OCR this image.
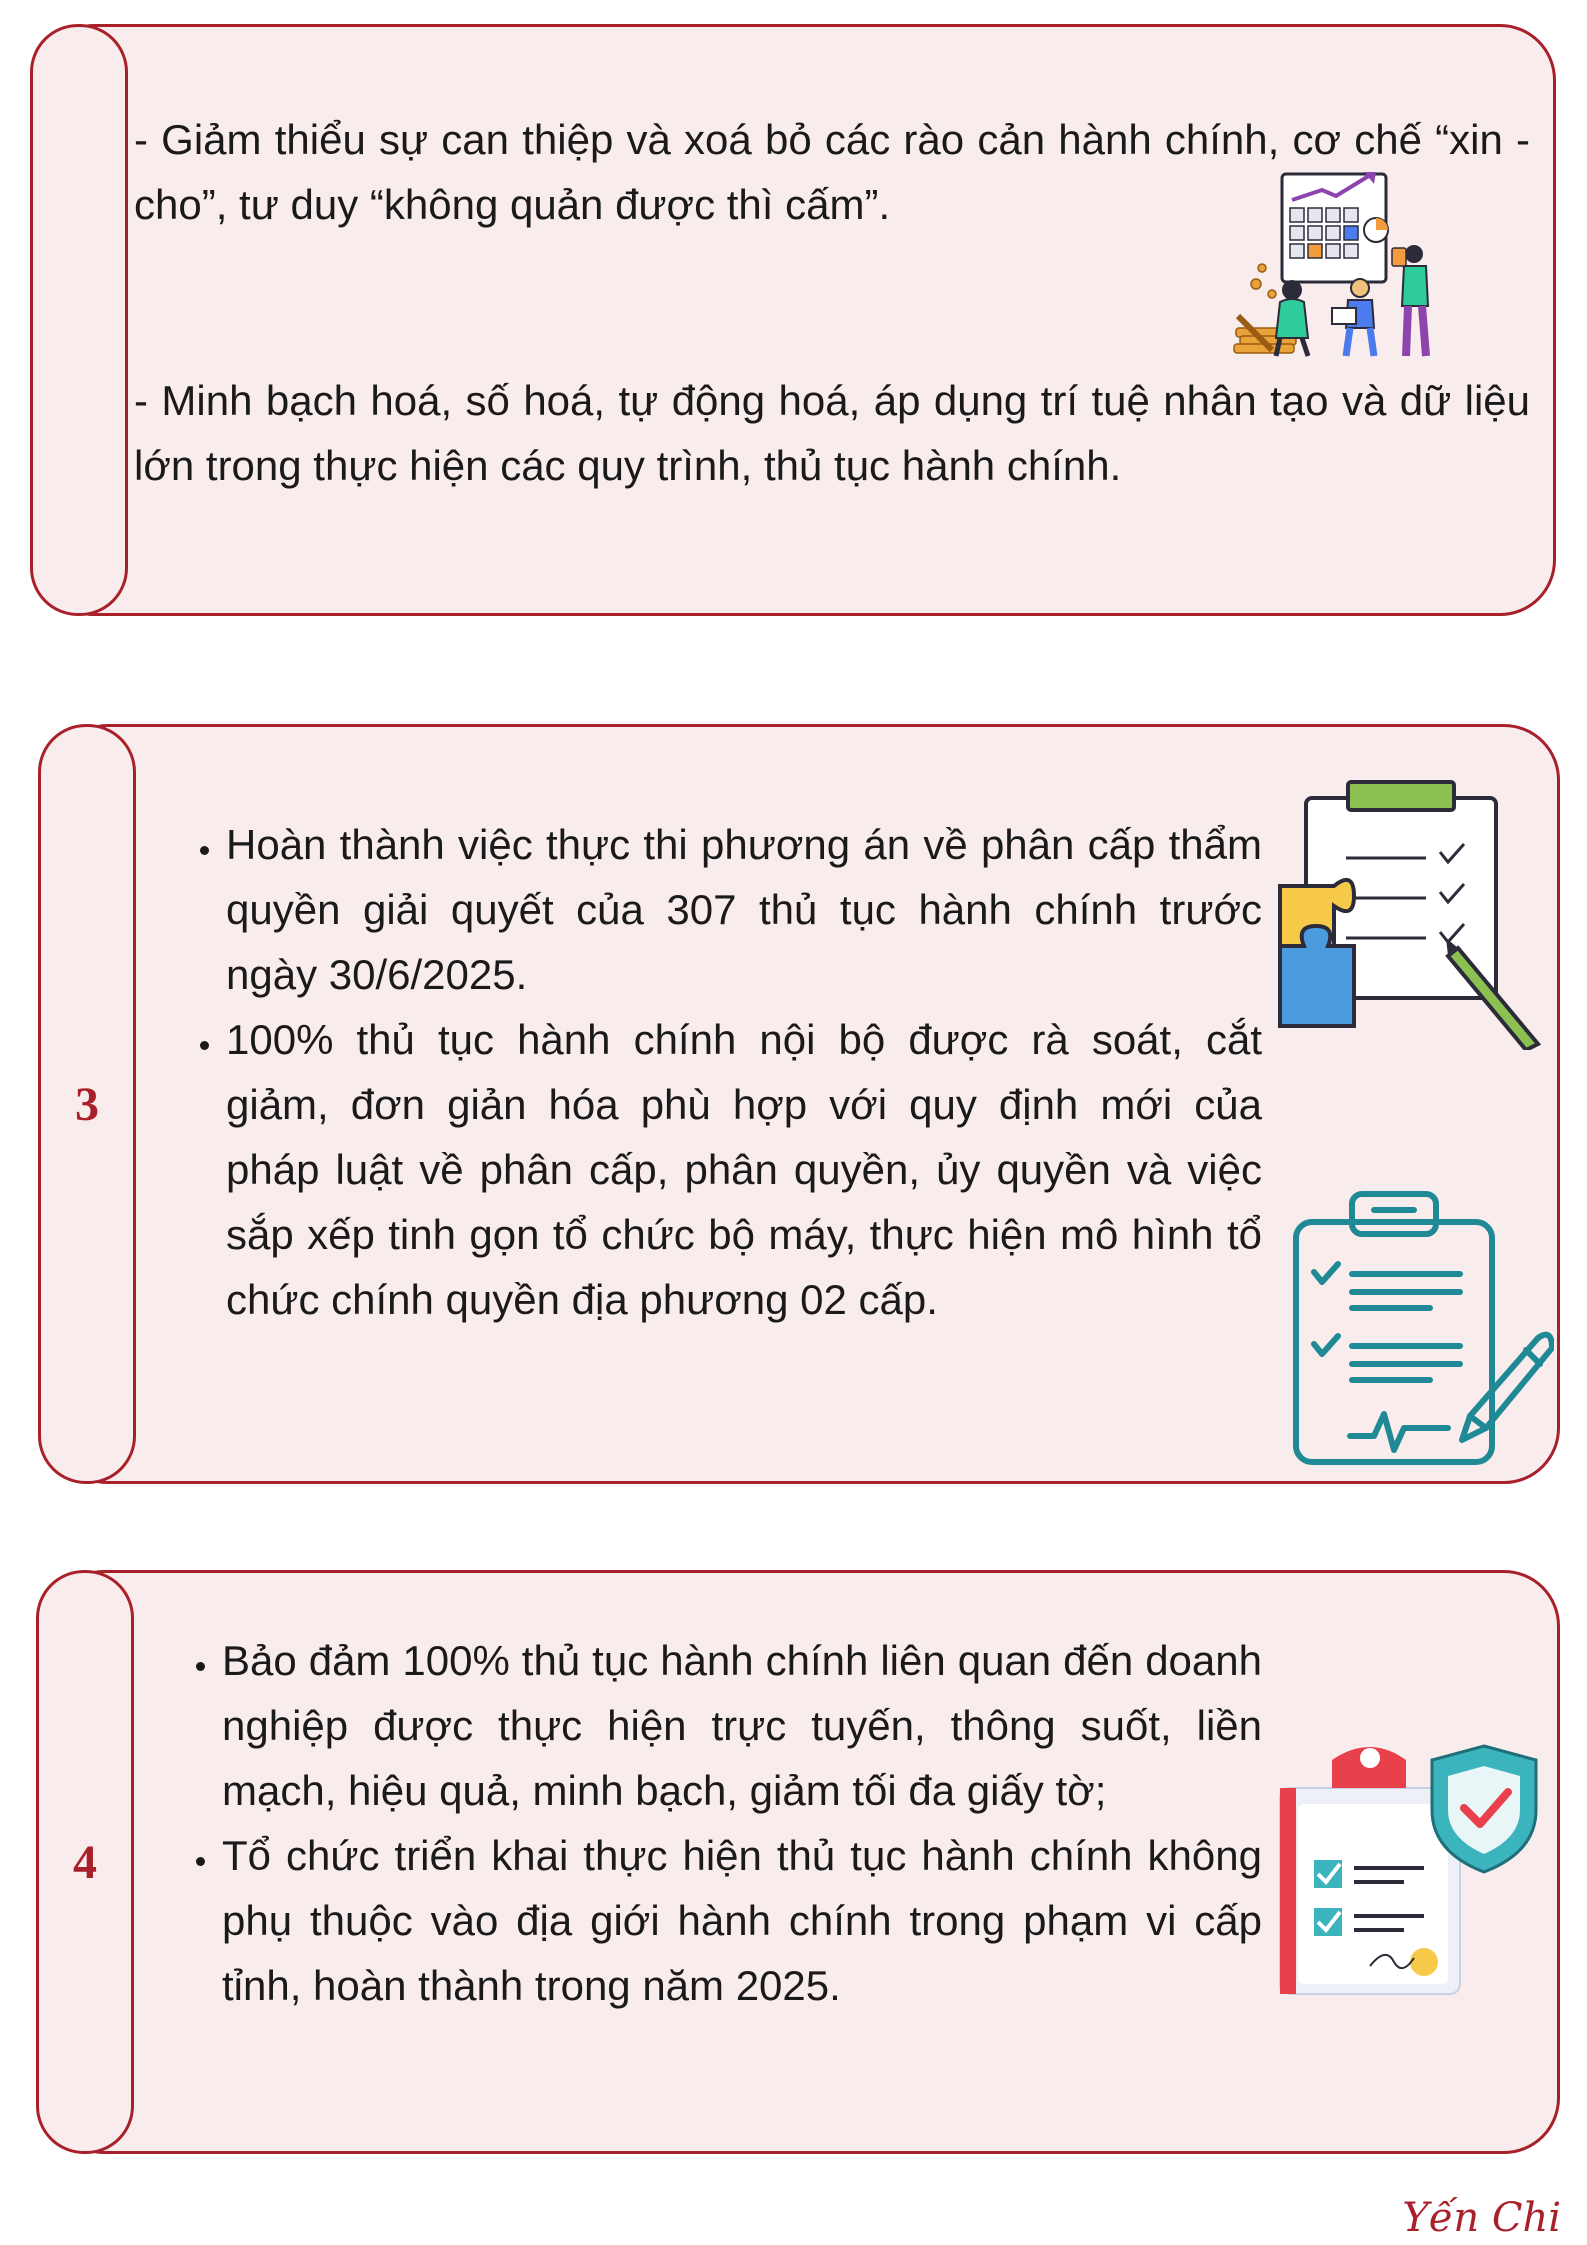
- Giảm thiểu sự can thiệp và xoá bỏ các rào cản hành chính, cơ chế “xin - cho”, tư duy “không quản được thì cấm”.

- Minh bạch hoá, số hoá, tự động hoá, áp dụng trí tuệ nhân tạo và dữ liệu lớn trong thực hiện các quy trình, thủ tục hành chính.

3
• Hoàn thành việc thực thi phương án về phân cấp thẩm quyền giải quyết của 307 thủ tục hành chính trước ngày 30/6/2025.
• 100% thủ tục hành chính nội bộ được rà soát, cắt giảm, đơn giản hóa phù hợp với quy định mới của pháp luật về phân cấp, phân quyền, ủy quyền và việc sắp xếp tinh gọn tổ chức bộ máy, thực hiện mô hình tổ chức chính quyền địa phương 02 cấp.
4
• Bảo đảm 100% thủ tục hành chính liên quan đến doanh nghiệp được thực hiện trực tuyến, thông suốt, liền mạch, hiệu quả, minh bạch, giảm tối đa giấy tờ;
• Tổ chức triển khai thực hiện thủ tục hành chính không phụ thuộc vào địa giới hành chính trong phạm vi cấp tỉnh, hoàn thành trong năm 2025.
Yến Chi
